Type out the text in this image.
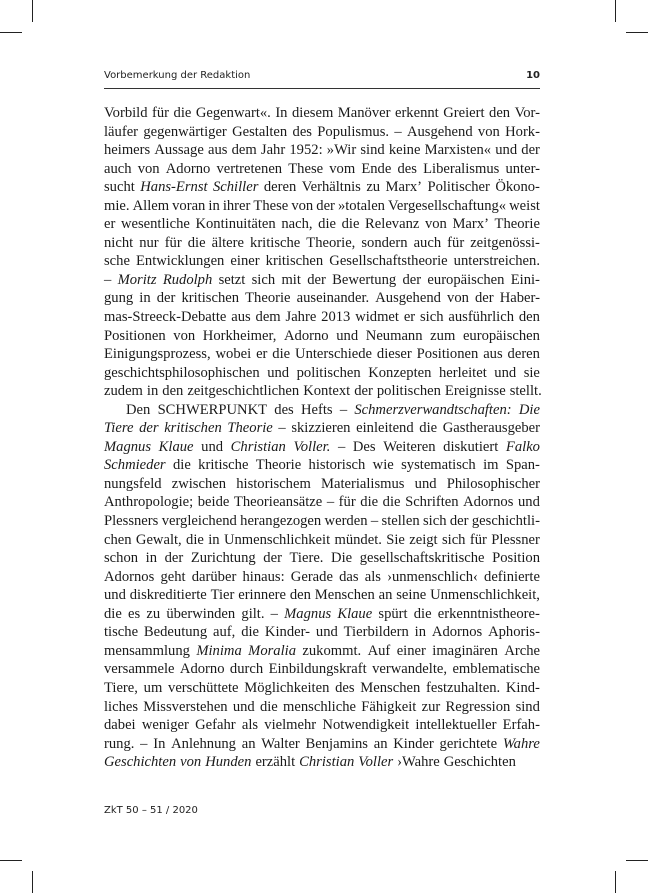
Vorbemerkung der Redaktion	10
Vorbild für die Gegenwart«. In diesem Manöver erkennt Greiert den Vor-
läufer gegenwärtiger Gestalten des Populismus. – Ausgehend von Hork-
heimers Aussage aus dem Jahr 1952: »Wir sind keine Marxisten« und der
auch von Adorno vertretenen These vom Ende des Liberalismus unter-
sucht Hans-Ernst Schiller deren Verhältnis zu Marx’ Politischer Ökono-
mie. Allem voran in ihrer These von der »totalen Vergesellschaftung« weist
er wesentliche Kontinuitäten nach, die die Relevanz von Marx’ Theorie
nicht nur für die ältere kritische Theorie, sondern auch für zeitgenössi-
sche Entwicklungen einer kritischen Gesellschaftstheorie unterstreichen.
– Moritz Rudolph setzt sich mit der Bewertung der europäischen Eini-
gung in der kritischen Theorie auseinander. Ausgehend von der Haber-
mas-Streeck-Debatte aus dem Jahre 2013 widmet er sich ausführlich den
Positionen von Horkheimer, Adorno und Neumann zum europäischen
Einigungsprozess, wobei er die Unterschiede dieser Positionen aus deren
geschichtsphilosophischen und politischen Konzepten herleitet und sie
zudem in den zeitgeschichtlichen Kontext der politischen Ereignisse stellt.
Den SCHWERPUNKT des Hefts – Schmerzverwandtschaften: Die
Tiere der kritischen Theorie – skizzieren einleitend die Gastherausgeber
Magnus Klaue und Christian Voller. – Des Weiteren diskutiert Falko
Schmieder die kritische Theorie historisch wie systematisch im Span-
nungsfeld zwischen historischem Materialismus und Philosophischer
Anthropologie; beide Theorieansätze – für die die Schriften Adornos und
Plessners vergleichend herangezogen werden – stellen sich der geschichtli-
chen Gewalt, die in Unmenschlichkeit mündet. Sie zeigt sich für Plessner
schon in der Zurichtung der Tiere. Die gesellschaftskritische Position
Adornos geht darüber hinaus: Gerade das als ›unmenschlich‹ definierte
und diskreditierte Tier erinnere den Menschen an seine Unmenschlichkeit,
die es zu überwinden gilt. – Magnus Klaue spürt die erkenntnistheore-
tische Bedeutung auf, die Kinder- und Tierbildern in Adornos Aphoris-
mensammlung Minima Moralia zukommt. Auf einer imaginären Arche
versammele Adorno durch Einbildungskraft verwandelte, emblematische
Tiere, um verschüttete Möglichkeiten des Menschen festzuhalten. Kind-
liches Missverstehen und die menschliche Fähigkeit zur Regression sind
dabei weniger Gefahr als vielmehr Notwendigkeit intellektueller Erfah-
rung. – In Anlehnung an Walter Benjamins an Kinder gerichtete Wahre
Geschichten von Hunden erzählt Christian Voller ›Wahre Geschichten
ZkT 50 – 51 / 2020
